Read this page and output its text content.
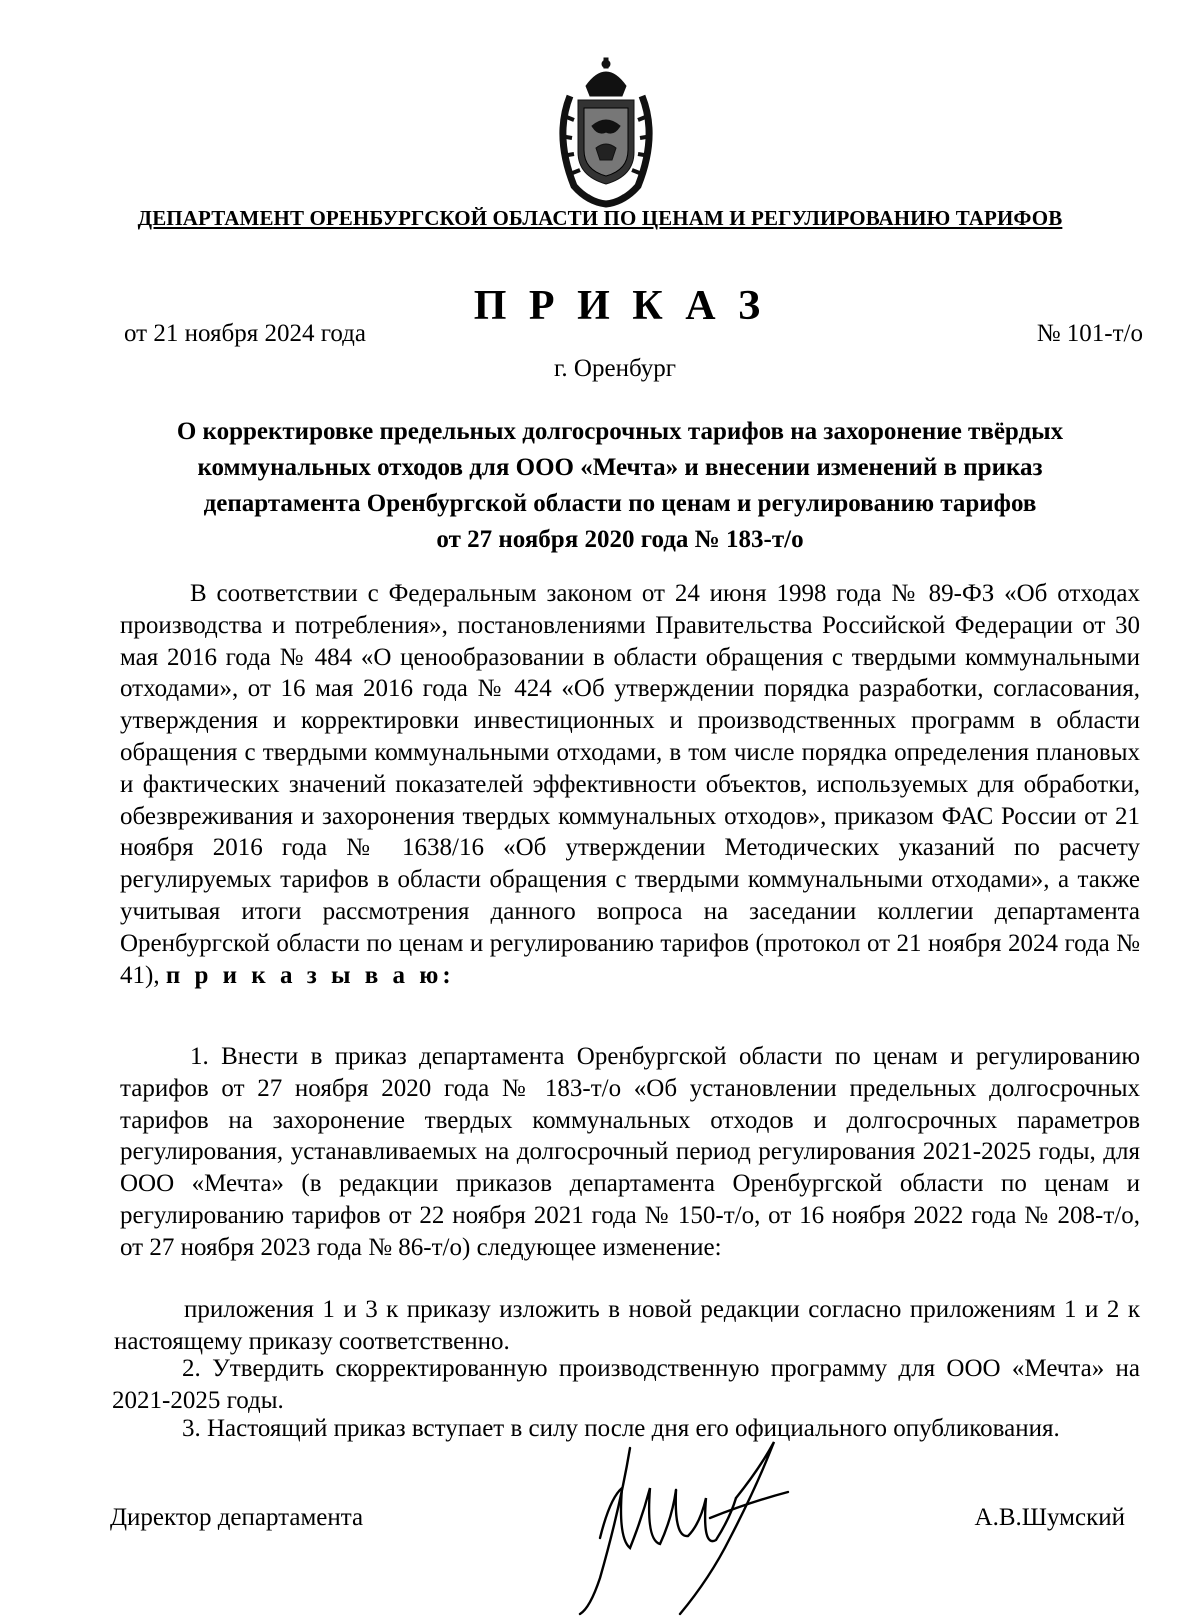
ДЕПАРТАМЕНТ ОРЕНБУРГСКОЙ ОБЛАСТИ ПО ЦЕНАМ И РЕГУЛИРОВАНИЮ ТАРИФОВ
П Р И К А З
от 21 ноября 2024 года	№ 101-т/о
г. Оренбург
О корректировке предельных долгосрочных тарифов на захоронение твёрдых
коммунальных отходов для ООО «Мечта» и внесении изменений в приказ
департамента Оренбургской области по ценам и регулированию тарифов
от 27 ноября 2020 года № 183-т/о

В соответствии с Федеральным законом от 24 июня 1998 года № 89-ФЗ «Об отходах производства и потребления», постановлениями Правительства Российской Федерации от 30 мая 2016 года № 484 «О ценообразовании в области обращения с твердыми коммунальными отходами», от 16 мая 2016 года № 424 «Об утверждении порядка разработки, согласования, утверждения и корректировки инвестиционных и производственных программ в области обращения с твердыми коммунальными отходами, в том числе порядка определения плановых и фактических значений показателей эффективности объектов, используемых для обработки, обезвреживания и захоронения твердых коммунальных отходов», приказом ФАС России от 21 ноября 2016 года № 1638/16 «Об утверждении Методических указаний по расчету регулируемых тарифов в области обращения с твердыми коммунальными отходами», а также учитывая итоги рассмотрения данного вопроса на заседании коллегии департамента Оренбургской области по ценам и регулированию тарифов (протокол от 21 ноября 2024 года № 41), п р и к а з ы в а ю:

1. Внести в приказ департамента Оренбургской области по ценам и регулированию тарифов от 27 ноября 2020 года № 183-т/о «Об установлении предельных долгосрочных тарифов на захоронение твердых коммунальных отходов и долгосрочных параметров регулирования, устанавливаемых на долгосрочный период регулирования 2021-2025 годы, для ООО «Мечта» (в редакции приказов департамента Оренбургской области по ценам и регулированию тарифов от 22 ноября 2021 года № 150-т/о, от 16 ноября 2022 года № 208-т/о, от 27 ноября 2023 года № 86-т/о) следующее изменение:

приложения 1 и 3 к приказу изложить в новой редакции согласно приложениям 1 и 2 к настоящему приказу соответственно.

2. Утвердить скорректированную производственную программу для ООО «Мечта» на 2021-2025 годы.

3. Настоящий приказ вступает в силу после дня его официального опубликования.

Директор департамента	А.В.Шумский
